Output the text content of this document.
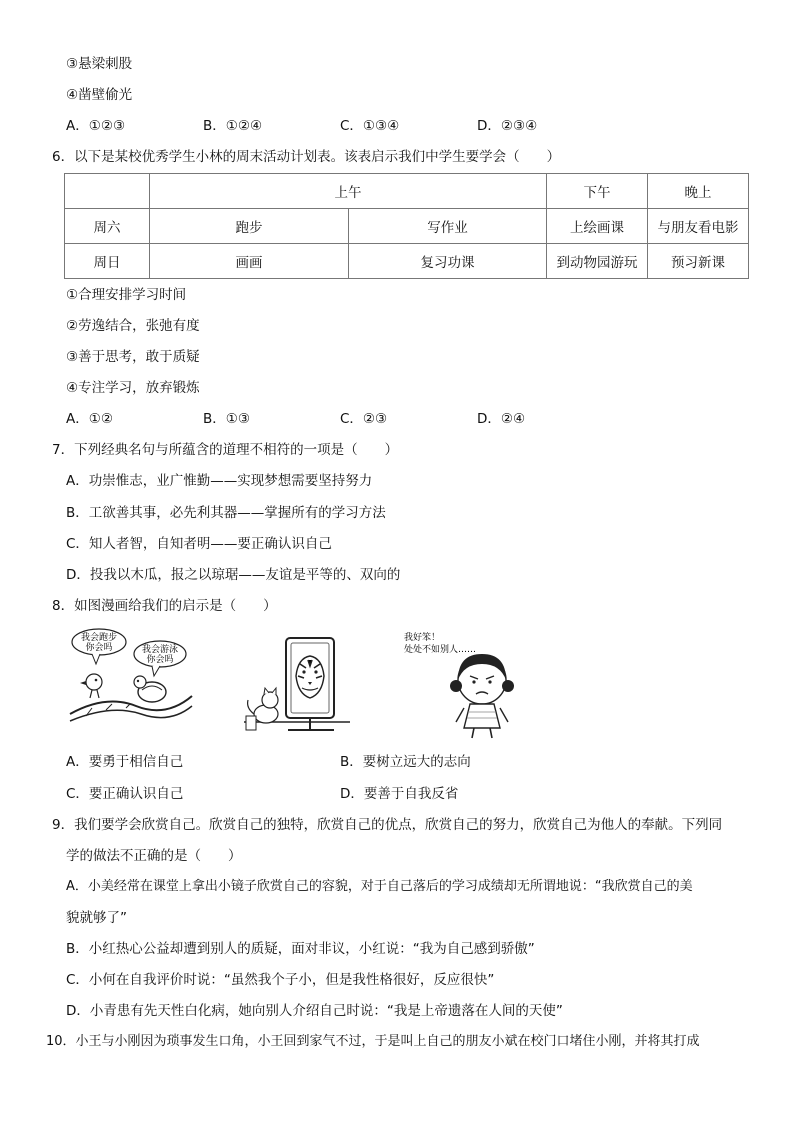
③悬梁刺股
④凿壁偷光
A．①②③	B．①②④	C．①③④	D．②③④
6．以下是某校优秀学生小林的周末活动计划表。该表启示我们中学生要学会（　　）
	上午		下午	晚上
周六	跑步	写作业	上绘画课	与朋友看电影
周日	画画	复习功课	到动物园游玩	预习新课
①合理安排学习时间
②劳逸结合，张弛有度
③善于思考，敢于质疑
④专注学习，放弃锻炼
A．①②	B．①③	C．②③	D．②④
7．下列经典名句与所蕴含的道理不相符的一项是（　　）
A．功崇惟志，业广惟勤——实现梦想需要坚持努力
B．工欲善其事，必先利其器——掌握所有的学习方法
C．知人者智，自知者明——要正确认识自己
D．投我以木瓜，报之以琼琚——友谊是平等的、双向的
8．如图漫画给我们的启示是（　　）
我会跑步
你会吗	我会游泳
你会吗
我好笨！
处处不如别人……
A．要勇于相信自己	B．要树立远大的志向
C．要正确认识自己	D．要善于自我反省
9．我们要学会欣赏自己。欣赏自己的独特，欣赏自己的优点，欣赏自己的努力，欣赏自己为他人的奉献。下列同
学的做法不正确的是（　　）
A．小美经常在课堂上拿出小镜子欣赏自己的容貌，对于自己落后的学习成绩却无所谓地说：“我欣赏自己的美
貌就够了”
B．小红热心公益却遭到别人的质疑，面对非议，小红说：“我为自己感到骄傲”
C．小何在自我评价时说：“虽然我个子小，但是我性格很好，反应很快”
D．小青患有先天性白化病，她向别人介绍自己时说：“我是上帝遗落在人间的天使”
10．小王与小刚因为琐事发生口角，小王回到家气不过，于是叫上自己的朋友小斌在校门口堵住小刚，并将其打成
